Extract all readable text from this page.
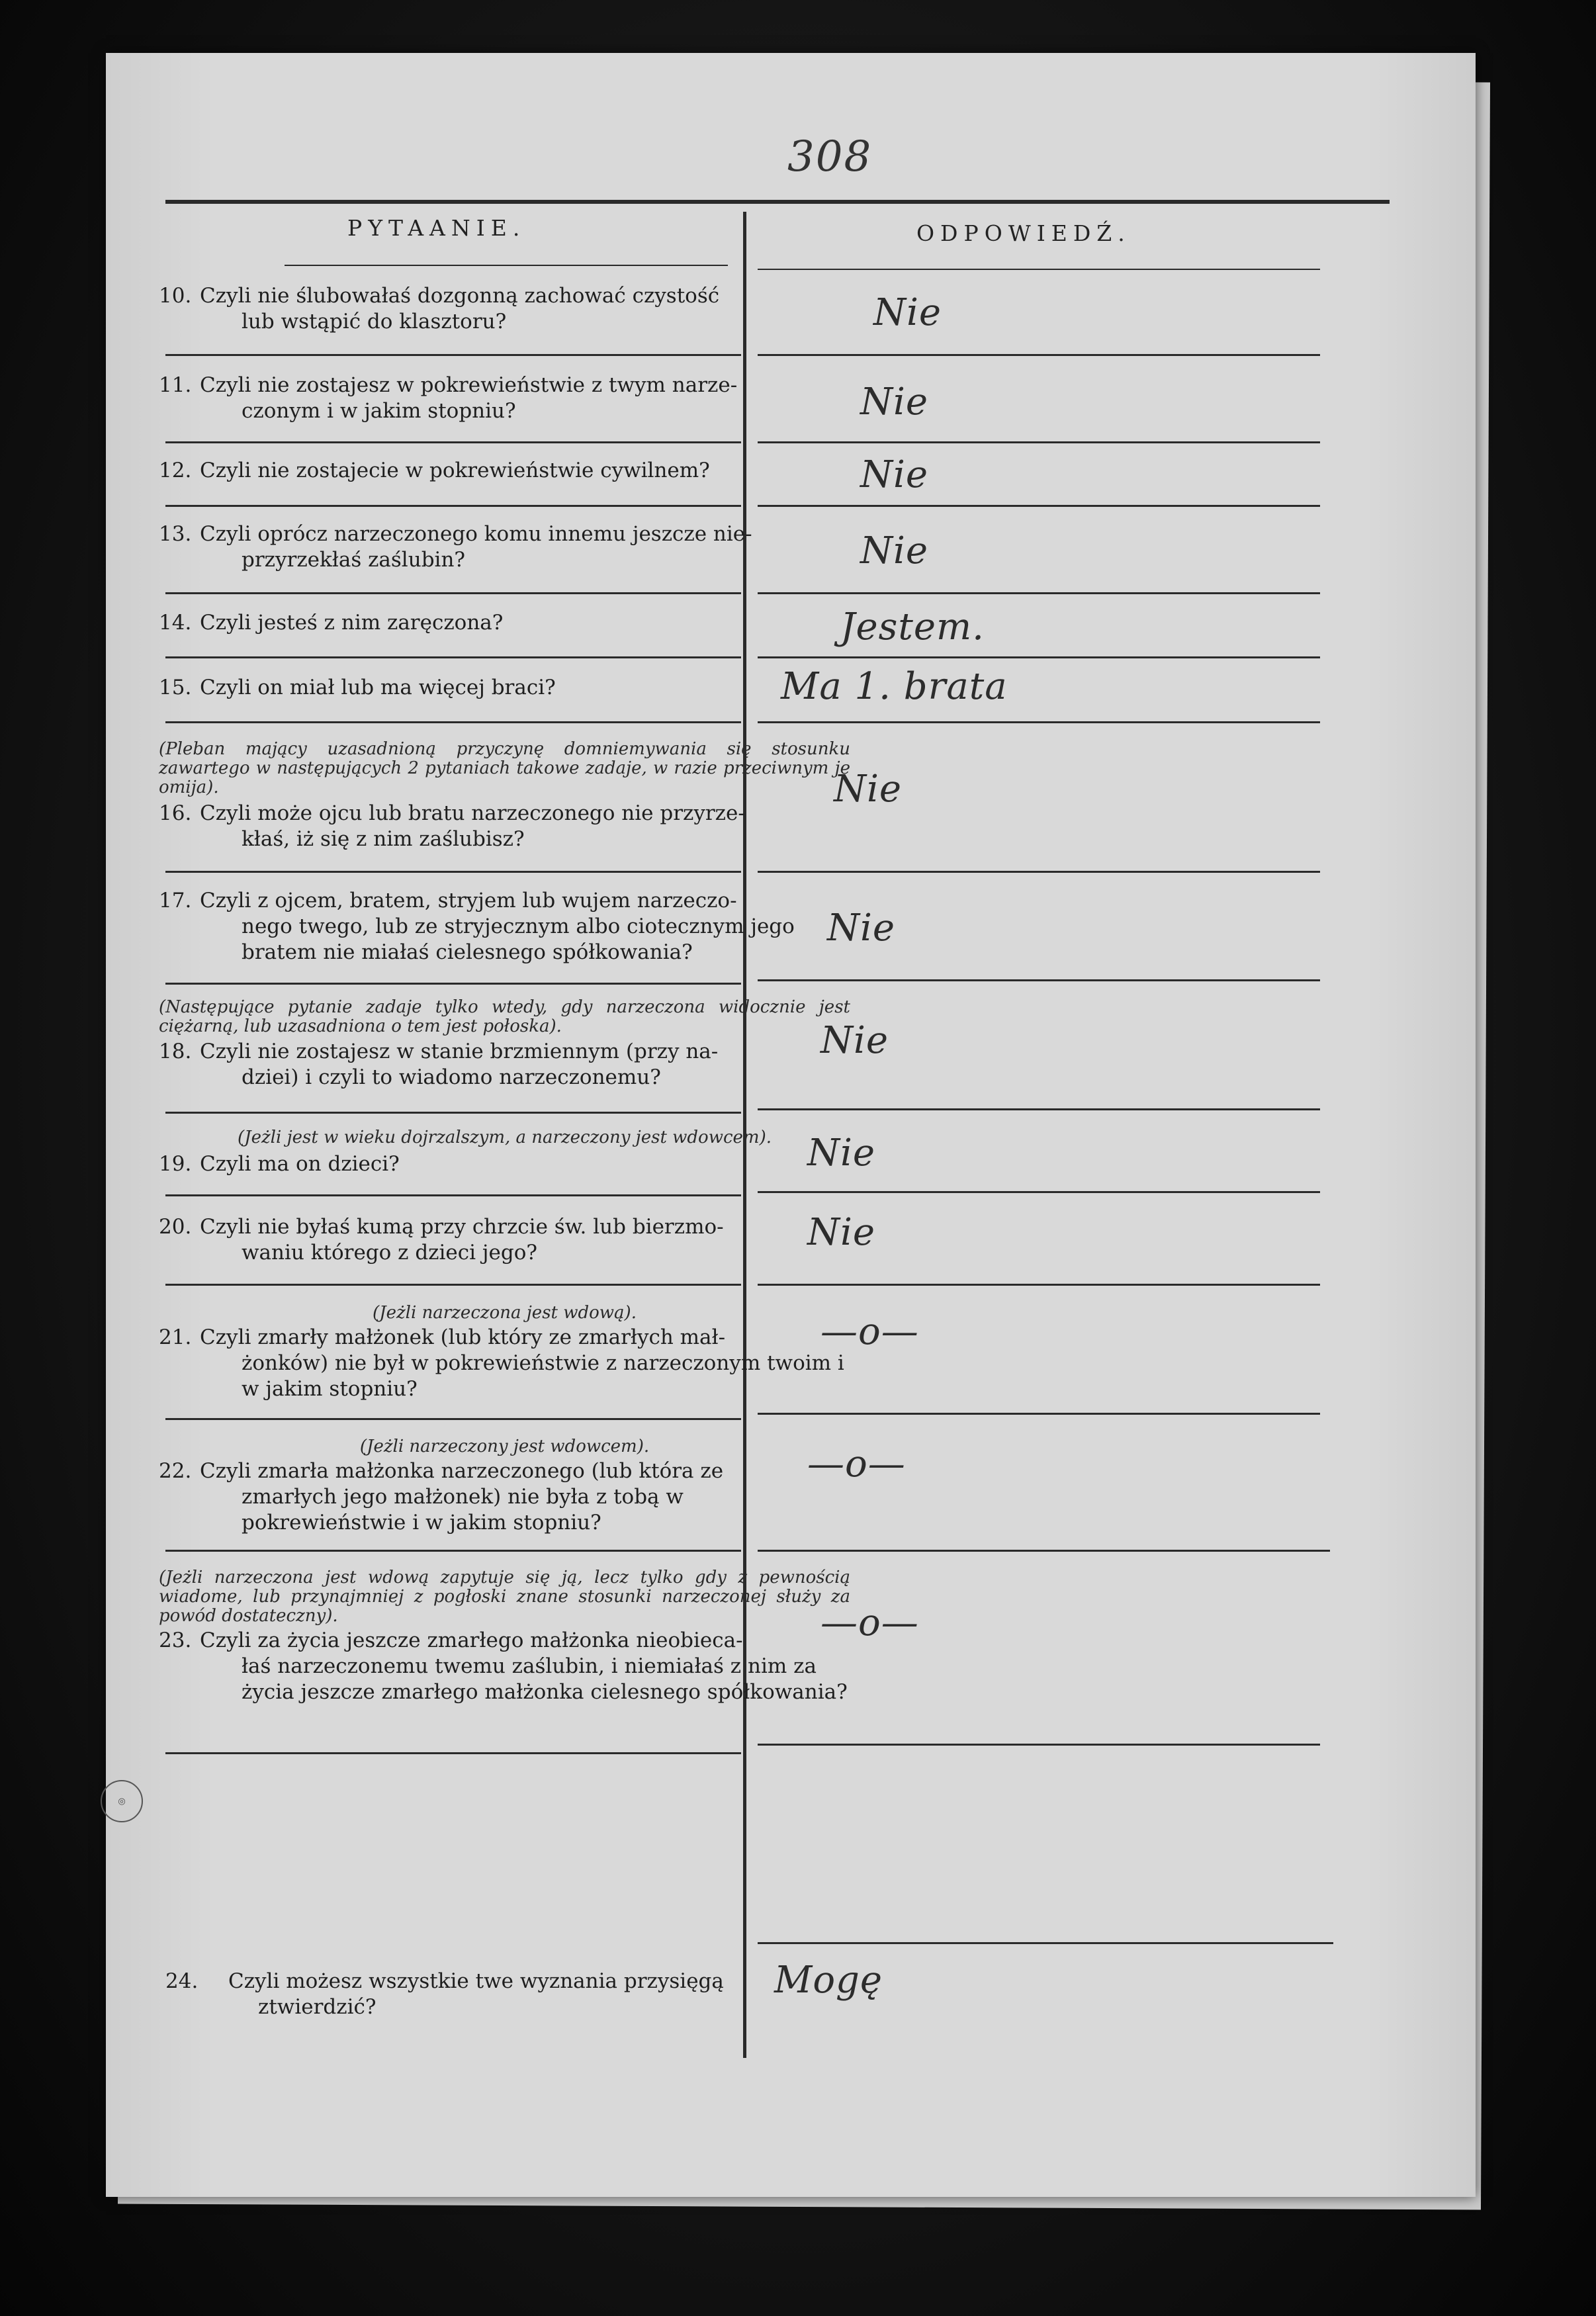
308
PYTAANIE.	ODPOWIEDŹ.
10. Czyli nie ślubowałaś dozgonną zachować czystość
lub wstąpić do klasztoru?	Nie
11. Czyli nie zostajesz w pokrewieństwie z twym narze-
czonym i w jakim stopniu?	Nie
12. Czyli nie zostajecie w pokrewieństwie cywilnem?	Nie
13. Czyli oprócz narzeczonego komu innemu jeszcze nie-
przyrzekłaś zaślubin?	Nie
14. Czyli jesteś z nim zaręczona?	Jestem.
15. Czyli on miał lub ma więcej braci?	Ma 1. brata
(Pleban mający uzasadnioną przyczynę domniemywania się stosunku zawartego w następujących 2 pytaniach takowe zadaje, w razie przeciwnym je omija).
16. Czyli może ojcu lub bratu narzeczonego nie przyrze-
kłaś, iż się z nim zaślubisz?
Nie
17. Czyli z ojcem, bratem, stryjem lub wujem narzeczo-
nego twego, lub ze stryjecznym albo ciotecznym jego bratem nie miałaś cielesnego spółkowania?
Nie
(Następujące pytanie zadaje tylko wtedy, gdy narzeczona widocznie jest ciężarną, lub uzasadniona o tem jest połoska).
18. Czyli nie zostajesz w stanie brzmiennym (przy na-
dziei) i czyli to wiadomo narzeczonemu?
Nie
(Jeżli jest w wieku dojrzalszym, a narzeczony jest wdowcem).
19. Czyli ma on dzieci?	Nie
20. Czyli nie byłaś kumą przy chrzcie św. lub bierzmo-
waniu którego z dzieci jego?	Nie
(Jeżli narzeczona jest wdową).
21. Czyli zmarły małżonek (lub który ze zmarłych mał-
żonków) nie był w pokrewieństwie z narzeczonym twoim i w jakim stopniu?
—o—
(Jeżli narzeczony jest wdowcem).
22. Czyli zmarła małżonka narzeczonego (lub która ze
zmarłych jego małżonek) nie była z tobą w pokrewieństwie i w jakim stopniu?
—o—
(Jeżli narzeczona jest wdową zapytuje się ją, lecz tylko gdy z pewnością wiadome, lub przynajmniej z pogłoski znane stosunki narzeczonej służy za powód dostateczny).
23. Czyli za życia jeszcze zmarłego małżonka nieobieca-
łaś narzeczonemu twemu zaślubin, i niemiałaś z nim za życia jeszcze zmarłego małżonka cielesnego spółkowania?
—o—
24. Czyli możesz wszystkie twe wyznania przysięgą
ztwierdzić?
Mogę
◎
